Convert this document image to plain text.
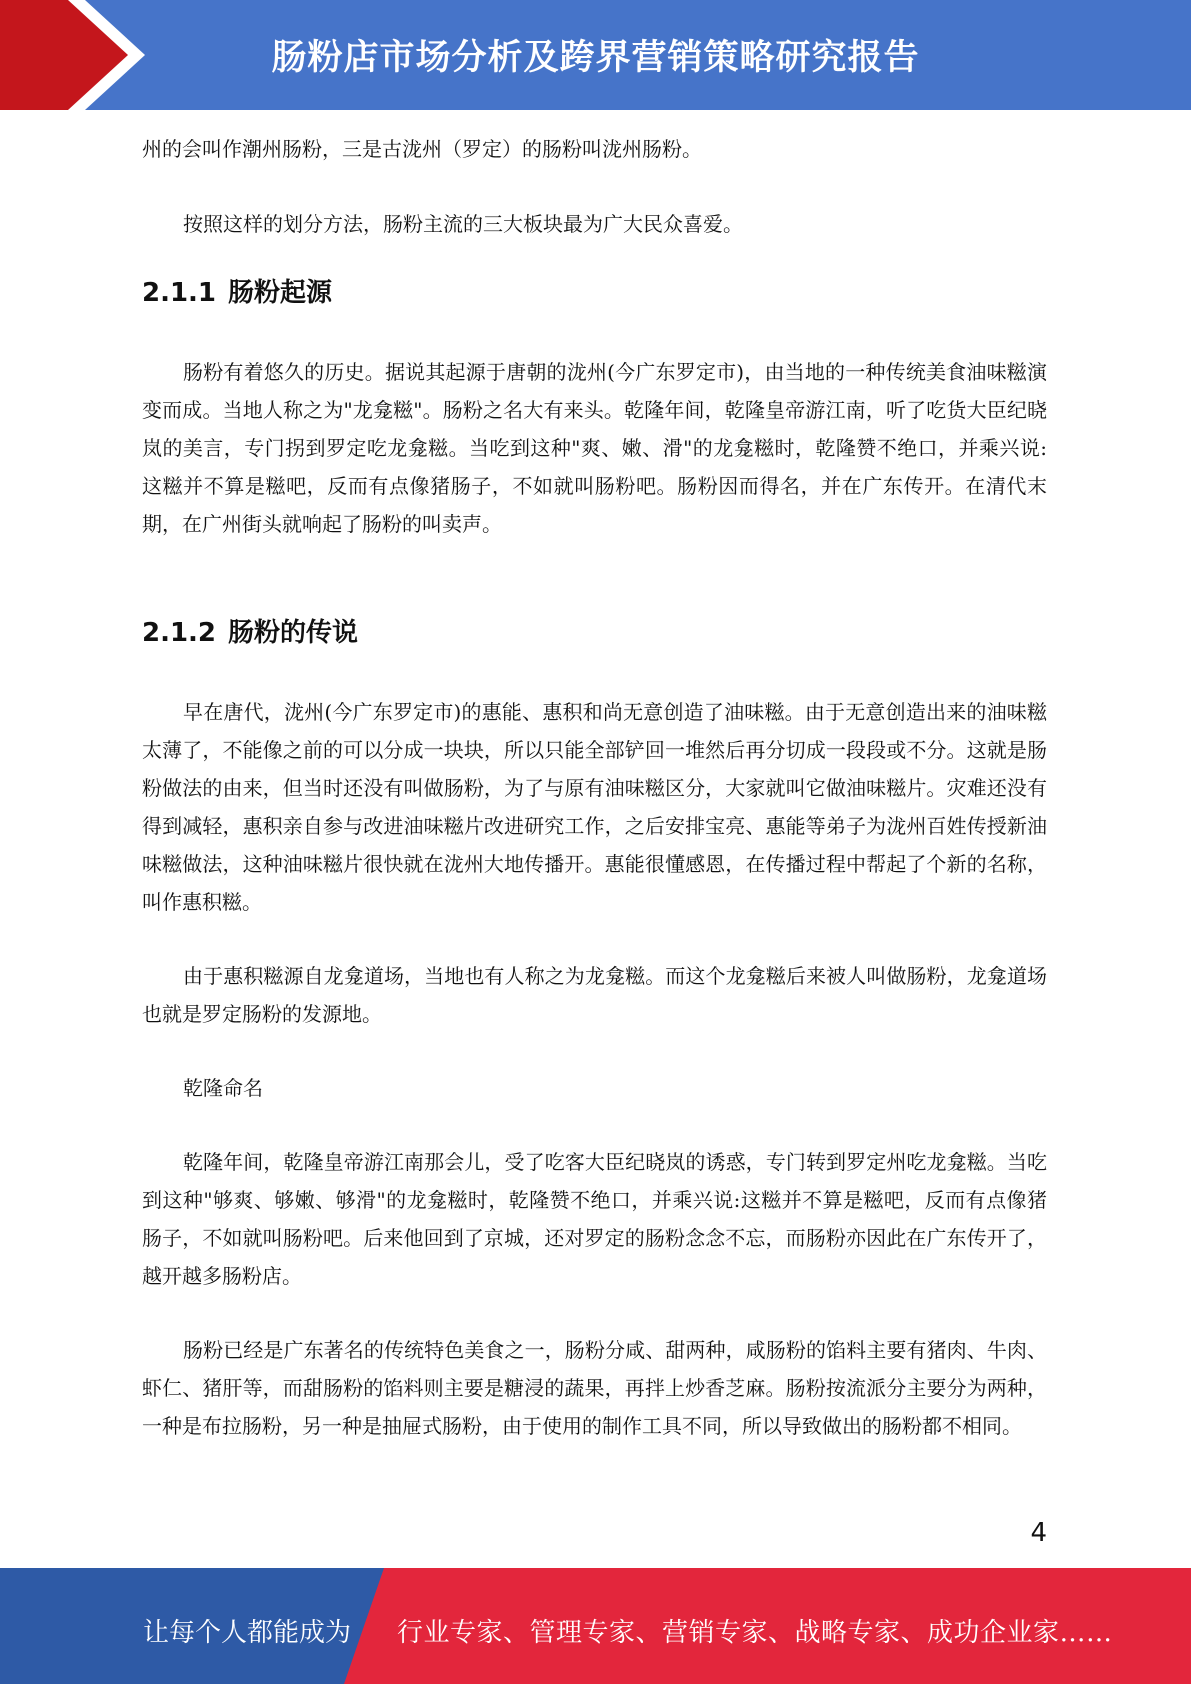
肠粉店市场分析及跨界营销策略研究报告

州的会叫作潮州肠粉，三是古泷州（罗定）的肠粉叫泷州肠粉。

按照这样的划分方法，肠粉主流的三大板块最为广大民众喜爱。

2.1.1 肠粉起源

肠粉有着悠久的历史。据说其起源于唐朝的泷州(今广东罗定市)，由当地的一种传统美食油味糍演变而成。当地人称之为"龙龛糍"。肠粉之名大有来头。乾隆年间，乾隆皇帝游江南，听了吃货大臣纪晓岚的美言，专门拐到罗定吃龙龛糍。当吃到这种"爽、嫩、滑"的龙龛糍时，乾隆赞不绝口，并乘兴说:这糍并不算是糍吧，反而有点像猪肠子，不如就叫肠粉吧。肠粉因而得名，并在广东传开。在清代末期，在广州街头就响起了肠粉的叫卖声。

2.1.2 肠粉的传说

早在唐代，泷州(今广东罗定市)的惠能、惠积和尚无意创造了油味糍。由于无意创造出来的油味糍太薄了，不能像之前的可以分成一块块，所以只能全部铲回一堆然后再分切成一段段或不分。这就是肠粉做法的由来，但当时还没有叫做肠粉，为了与原有油味糍区分，大家就叫它做油味糍片。灾难还没有得到减轻，惠积亲自参与改进油味糍片改进研究工作，之后安排宝亮、惠能等弟子为泷州百姓传授新油味糍做法，这种油味糍片很快就在泷州大地传播开。惠能很懂感恩，在传播过程中帮起了个新的名称，叫作惠积糍。

由于惠积糍源自龙龛道场，当地也有人称之为龙龛糍。而这个龙龛糍后来被人叫做肠粉，龙龛道场也就是罗定肠粉的发源地。

乾隆命名

乾隆年间，乾隆皇帝游江南那会儿，受了吃客大臣纪晓岚的诱惑，专门转到罗定州吃龙龛糍。当吃到这种"够爽、够嫩、够滑"的龙龛糍时，乾隆赞不绝口，并乘兴说:这糍并不算是糍吧，反而有点像猪肠子，不如就叫肠粉吧。后来他回到了京城，还对罗定的肠粉念念不忘，而肠粉亦因此在广东传开了，越开越多肠粉店。

肠粉已经是广东著名的传统特色美食之一，肠粉分咸、甜两种，咸肠粉的馅料主要有猪肉、牛肉、虾仁、猪肝等，而甜肠粉的馅料则主要是糖浸的蔬果，再拌上炒香芝麻。肠粉按流派分主要分为两种，一种是布拉肠粉，另一种是抽屉式肠粉，由于使用的制作工具不同，所以导致做出的肠粉都不相同。

4
让每个人都能成为 行业专家、管理专家、营销专家、战略专家、成功企业家……
